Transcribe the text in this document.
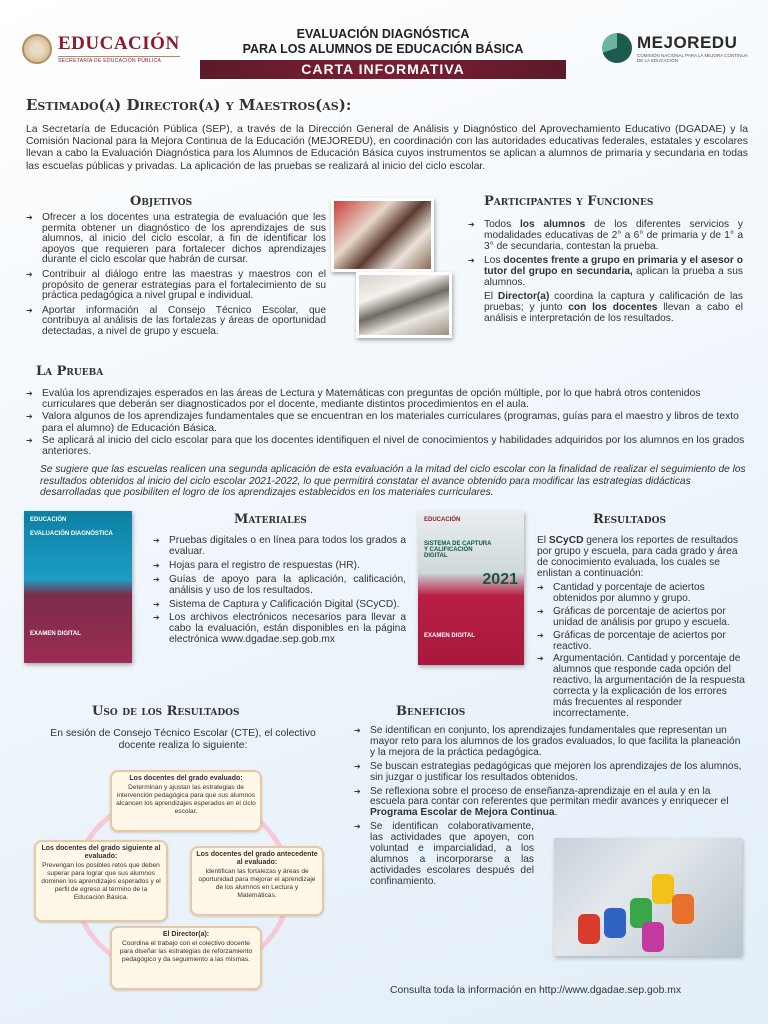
EDUCACIÓN
SECRETARÍA DE EDUCACIÓN PÚBLICA
EVALUACIÓN DIAGNÓSTICA
PARA LOS ALUMNOS DE EDUCACIÓN BÁSICA
CARTA INFORMATIVA
MEJOREDU
COMISIÓN NACIONAL PARA LA MEJORA CONTINUA DE LA EDUCACIÓN
Estimado(a) Director(a) y Maestros(as):

La Secretaría de Educación Pública (SEP), a través de la Dirección General de Análisis y Diagnóstico del Aprovechamiento Educativo (DGADAE) y la Comisión Nacional para la Mejora Continua de la Educación (MEJOREDU), en coordinación con las autoridades educativas federales, estatales y escolares llevan a cabo la Evaluación Diagnóstica para los Alumnos de Educación Básica cuyos instrumentos se aplican a alumnos de primaria y secundaria en todas las escuelas públicas y privadas. La aplicación de las pruebas se realizará al inicio del ciclo escolar.

Objetivos
➔ Ofrecer a los docentes una estrategia de evaluación que les permita obtener un diagnóstico de los aprendizajes de sus alumnos, al inicio del ciclo escolar, a fin de identificar los apoyos que requieren para fortalecer dichos aprendizajes durante el ciclo escolar que habrán de cursar.
➔ Contribuir al diálogo entre las maestras y maestros con el propósito de generar estrategias para el fortalecimiento de su práctica pedagógica a nivel grupal e individual.
➔ Aportar información al Consejo Técnico Escolar, que contribuya al análisis de las fortalezas y áreas de oportunidad detectadas, a nivel de grupo y escuela.
Participantes y Funciones
➔ Todos los alumnos de los diferentes servicios y modalidades educativas de 2° a 6° de primaria y de 1° a 3° de secundaria, contestan la prueba.
➔ Los docentes frente a grupo en primaria y el asesor o tutor del grupo en secundaria, aplican la prueba a sus alumnos.

El Director(a) coordina la captura y calificación de las pruebas; y junto con los docentes llevan a cabo el análisis e interpretación de los resultados.

La Prueba
➔ Evalúa los aprendizajes esperados en las áreas de Lectura y Matemáticas con preguntas de opción múltiple, por lo que habrá otros contenidos curriculares que deberán ser diagnosticados por el docente, mediante distintos procedimientos en el aula.
➔ Valora algunos de los aprendizajes fundamentales que se encuentran en los materiales curriculares (programas, guías para el maestro y libros de texto para el alumno) de Educación Básica.
➔ Se aplicará al inicio del ciclo escolar para que los docentes identifiquen el nivel de conocimientos y habilidades adquiridos por los alumnos en los grados anteriores.

Se sugiere que las escuelas realicen una segunda aplicación de esta evaluación a la mitad del ciclo escolar con la finalidad de realizar el seguimiento de los resultados obtenidos al inicio del ciclo escolar 2021-2022, lo que permitirá constatar el avance obtenido para modificar las estrategias didácticas desarrolladas que posibiliten el logro de los aprendizajes establecidos en los materiales curriculares.

EDUCACIÓN
EVALUACIÓN DIAGNÓSTICA
EXAMEN DIGITAL
Materiales
➔ Pruebas digitales o en línea para todos los grados a evaluar.
➔ Hojas para el registro de respuestas (HR).
➔ Guías de apoyo para la aplicación, calificación, análisis y uso de los resultados.
➔ Sistema de Captura y Calificación Digital (SCyCD).
➔ Los archivos electrónicos necesarios para llevar a cabo la evaluación, están disponibles en la página electrónica www.dgadae.sep.gob.mx
EDUCACIÓN
SISTEMA DE CAPTURA Y CALIFICACIÓN DIGITAL
2021
EXAMEN DIGITAL
Resultados

El SCyCD genera los reportes de resultados por grupo y escuela, para cada grado y área de conocimiento evaluada, los cuales se enlistan a continuación:

➔ Cantidad y porcentaje de aciertos obtenidos por alumno y grupo.
➔ Gráficas de porcentaje de aciertos por unidad de análisis por grupo y escuela.
➔ Gráficas de porcentaje de aciertos por reactivo.
➔ Argumentación. Cantidad y porcentaje de alumnos que responde cada opción del reactivo, la argumentación de la respuesta correcta y la explicación de los errores más frecuentes al responder incorrectamente.
Uso de los Resultados

En sesión de Consejo Técnico Escolar (CTE), el colectivo docente realiza lo siguiente:

Los docentes del grado evaluado:
Determinan y ajustan las estrategias de intervención pedagógica para que sus alumnos alcancen los aprendizajes esperados en el ciclo escolar.
Los docentes del grado siguiente al evaluado:
Prevengan los posibles retos que deben superar para lograr que sus alumnos dominen los aprendizajes esperados y el perfil de egreso al término de la Educación Básica.
Los docentes del grado antecedente al evaluado:
Identifican las fortalezas y áreas de oportunidad para mejorar el aprendizaje de los alumnos en Lectura y Matemáticas.
El Director(a):
Coordina el trabajo con el colectivo docente para diseñar las estrategias de reforzamiento pedagógico y da seguimiento a las mismas.
Beneficios
➔ Se identifican en conjunto, los aprendizajes fundamentales que representan un mayor reto para los alumnos de los grados evaluados, lo que facilita la planeación y la mejora de la práctica pedagógica.
➔ Se buscan estrategias pedagógicas que mejoren los aprendizajes de los alumnos, sin juzgar o justificar los resultados obtenidos.
➔ Se reflexiona sobre el proceso de enseñanza-aprendizaje en el aula y en la escuela para contar con referentes que permitan medir avances y enriquecer el Programa Escolar de Mejora Continua.
➔ Se identifican colaborativamente, las actividades que apoyen, con voluntad e imparcialidad, a los alumnos a incorporarse a las actividades escolares después del confinamiento.
Consulta toda la información en http://www.dgadae.sep.gob.mx
